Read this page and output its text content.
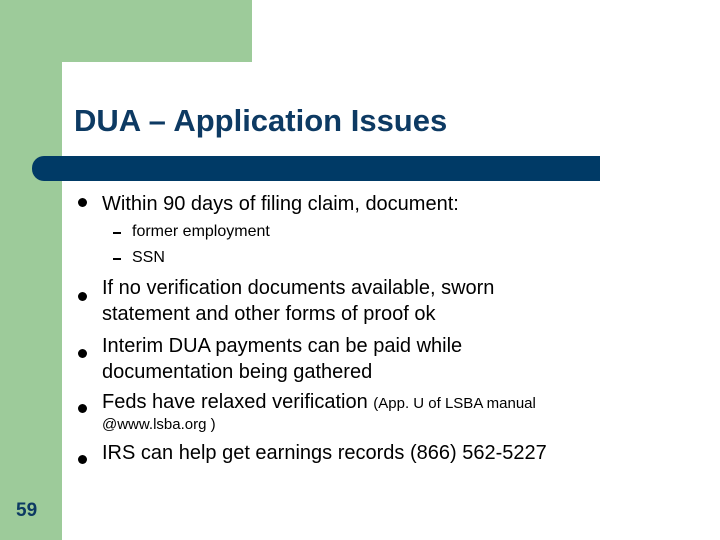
DUA – Application Issues
Within 90 days of filing claim, document:
former employment
SSN
If no verification documents available, sworn
statement and other forms of proof ok
Interim DUA payments can be paid while
documentation being gathered
Feds have relaxed verification (App. U of LSBA manual
@www.lsba.org )
IRS can help get earnings records (866) 562-5227
59
